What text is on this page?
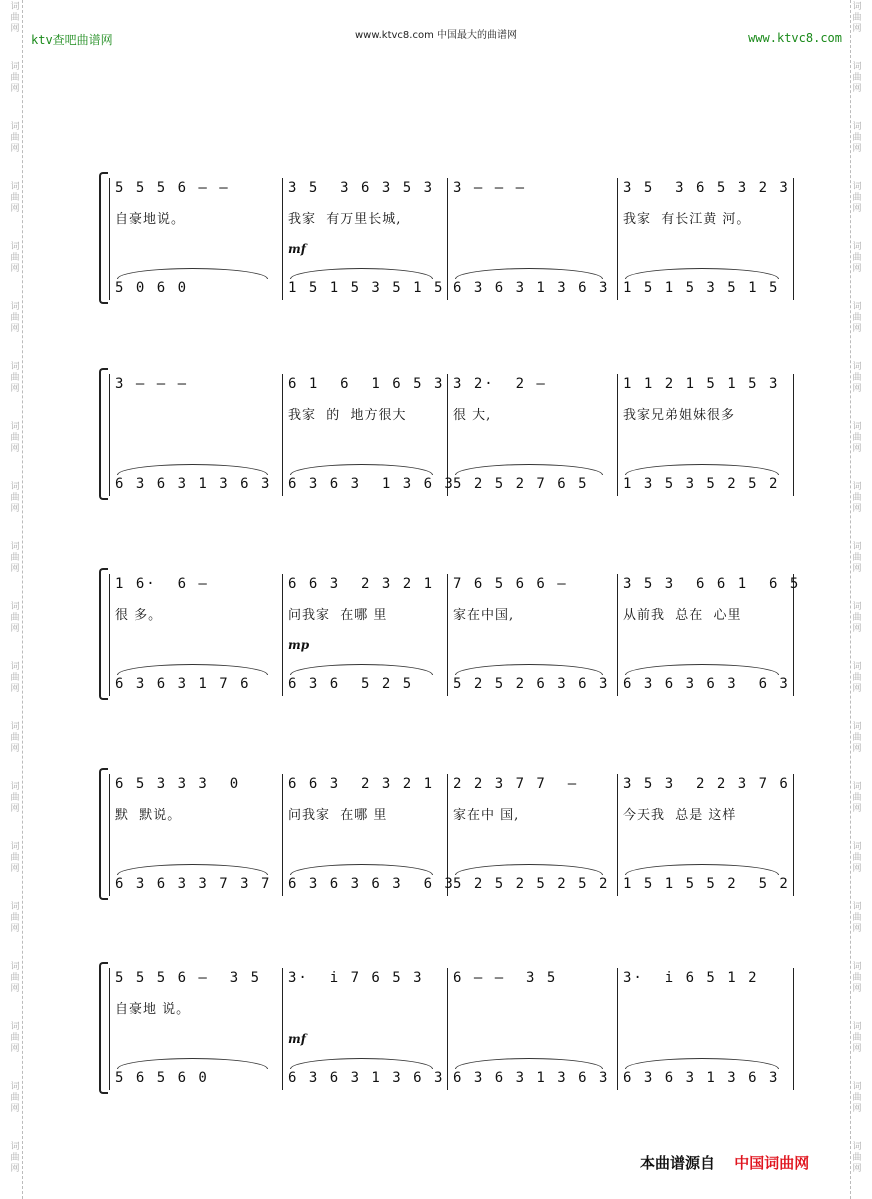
词
曲
网
词
曲
网
词
曲
网
词
曲
网
词
曲
网
词
曲
网
词
曲
网
词
曲
网
词
曲
网
词
曲
网
词
曲
网
词
曲
网
词
曲
网
词
曲
网
词
曲
网
词
曲
网
词
曲
网
词
曲
网
词
曲
网
词
曲
网
词
曲
网
词
曲
网
词
曲
网
词
曲
网
词
曲
网
词
曲
网
词
曲
网
词
曲
网
词
曲
网
词
曲
网
词
曲
网
词
曲
网
词
曲
网
词
曲
网
词
曲
网
词
曲
网
词
曲
网
词
曲
网
词
曲
网
词
曲
网
ktv查吧曲谱网	www.ktvc8.com 中国最大的曲谱网	www.ktvc8.com
5 5 5 6 – –
自豪地说。
5 0 6 0
3 5  3 6 3 5 3
我家  有万里长城,
mf
1 5 1 5 3 5 1 5
3 – – –
6 3 6 3 1 3 6 3
3 5  3 6 5 3 2 3
我家  有长江黄 河。
1 5 1 5 3 5 1 5
3 – – –
6 3 6 3 1 3 6 3
6 1  6  1 6 5 3
我家  的  地方很大
6 3 6 3  1 3 6 3
3 2·  2 –
很 大,
5 2 5 2 7 6 5
1 1 2 1 5 1 5 3
我家兄弟姐妹很多
1 3 5 3 5 2 5 2
1 6·  6 –
很 多。
6 3 6 3 1 7 6
6 6 3  2 3 2 1
问我家  在哪 里
mp
6 3 6  5 2 5
7 6 5 6 6 –
家在中国,
5 2 5 2 6 3 6 3
3 5 3  6 6 1  6 5
从前我  总在  心里
6 3 6 3 6 3  6 3
6 5 3 3 3  0
默  默说。
6 3 6 3 3 7 3 7
6 6 3  2 3 2 1
问我家  在哪 里
6 3 6 3 6 3  6 3
2 2 3 7 7  –
家在中 国,
5 2 5 2 5 2 5 2
3 5 3  2 2 3 7 6
今天我  总是 这样
1 5 1 5 5 2  5 2
5 5 5 6 –  3 5
自豪地 说。
5 6 5 6 0
3·  i 7 6 5 3
mf
6 3 6 3 1 3 6 3
6 – –  3 5
6 3 6 3 1 3 6 3
3·  i 6 5 1 2
6 3 6 3 1 3 6 3
本曲谱源自 中国词曲网
